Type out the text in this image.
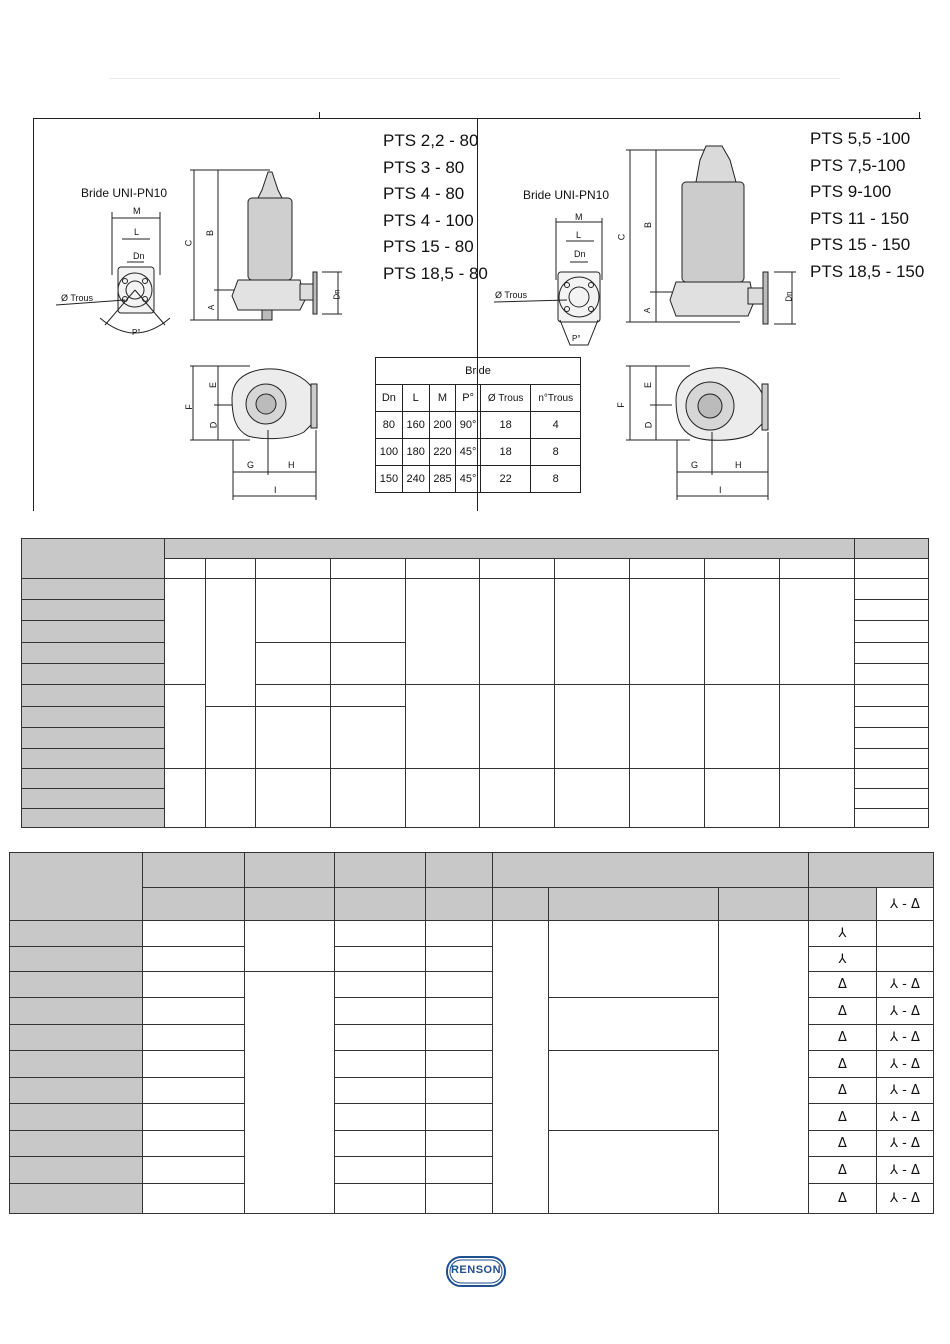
PTS 2,2 - 80
PTS 3 - 80
PTS 4 - 80
PTS 4 - 100
PTS 15 - 80
PTS 18,5 - 80
PTS 5,5 -100
PTS 7,5-100
PTS 9-100
PTS 11 - 150
PTS 15 - 150
PTS 18,5 - 150
Bride UNI-PN10
Ø Trous
M
L
Dn
P°
C
B
A
Dn
E
F
D
G	H
I
Bride UNI-PN10
Ø Trous
M
L
Dn
P°
C
B
A
Dn
E
F
D
G	H
I
Bride					
Dn	L	M	P°	Ø Trous	n°Trous
80	160	200	90°	18	4
100	180	220	45°	18	8
150	240	285	45°	22	8

									⅄ - Δ
								⅄	
								⅄	
								Δ	⅄ - Δ
								Δ	⅄ - Δ
								Δ	⅄ - Δ
								Δ	⅄ - Δ
								Δ	⅄ - Δ
								Δ	⅄ - Δ
								Δ	⅄ - Δ
								Δ	⅄ - Δ
								Δ	⅄ - Δ
RENSON
